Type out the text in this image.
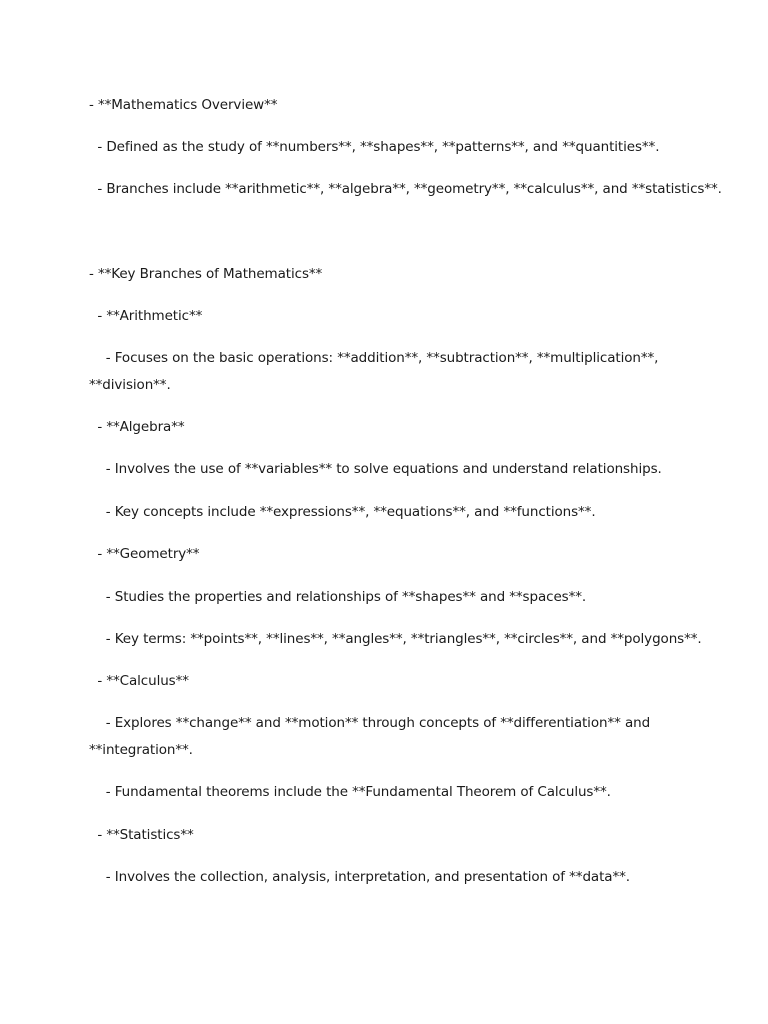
- **Mathematics Overview**
- Defined as the study of **numbers**, **shapes**, **patterns**, and **quantities**.
- Branches include **arithmetic**, **algebra**, **geometry**, **calculus**, and **statistics**.
- **Key Branches of Mathematics**
- **Arithmetic**
- Focuses on the basic operations: **addition**, **subtraction**, **multiplication**,
**division**.
- **Algebra**
- Involves the use of **variables** to solve equations and understand relationships.
- Key concepts include **expressions**, **equations**, and **functions**.
- **Geometry**
- Studies the properties and relationships of **shapes** and **spaces**.
- Key terms: **points**, **lines**, **angles**, **triangles**, **circles**, and **polygons**.
- **Calculus**
- Explores **change** and **motion** through concepts of **differentiation** and
**integration**.
- Fundamental theorems include the **Fundamental Theorem of Calculus**.
- **Statistics**
- Involves the collection, analysis, interpretation, and presentation of **data**.
